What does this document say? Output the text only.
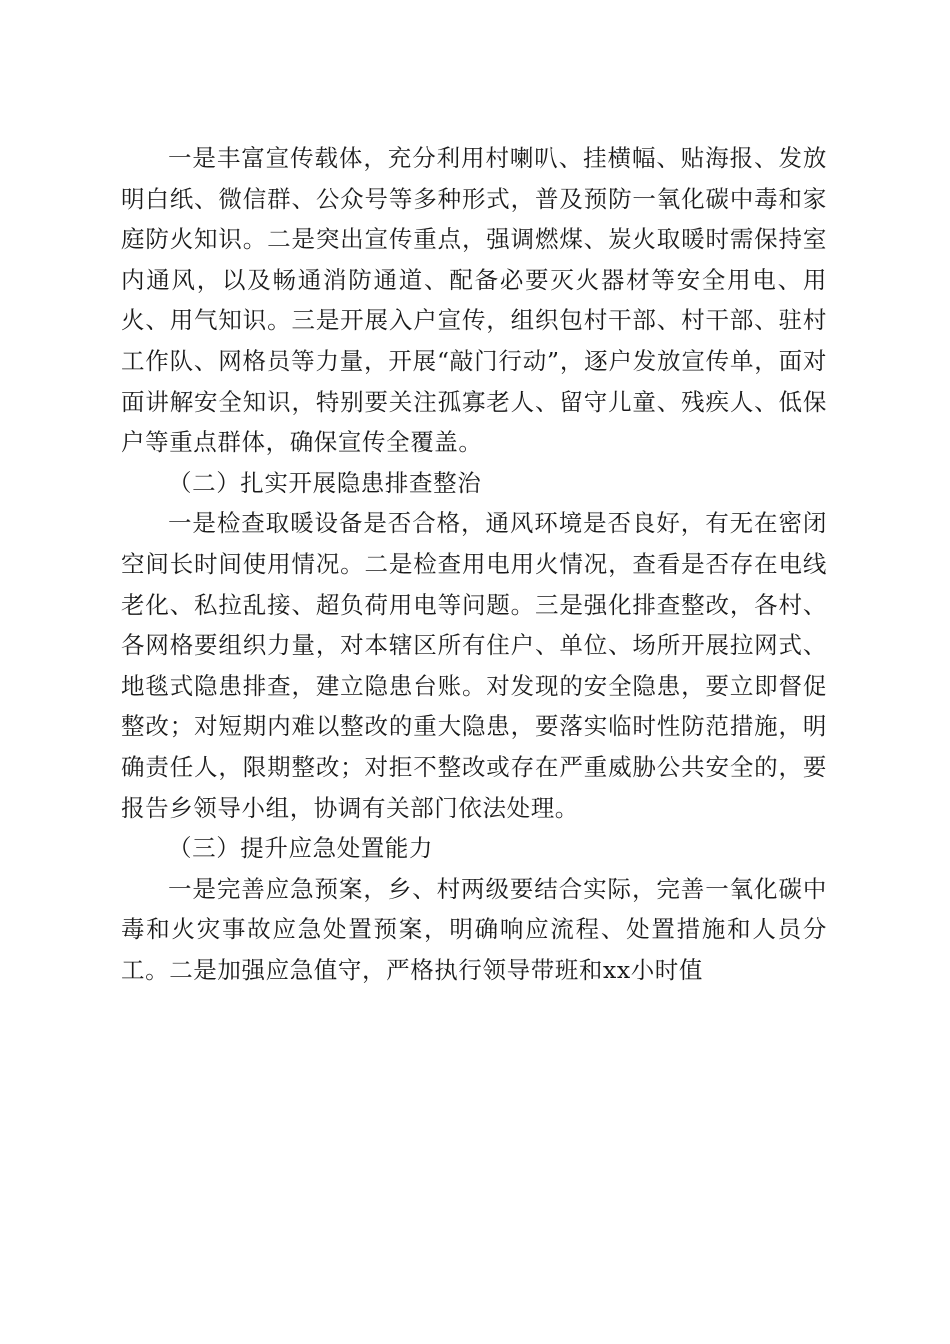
一是丰富宣传载体，充分利用村喇叭、挂横幅、贴海报、发放明白纸、微信群、公众号等多种形式，普及预防一氧化碳中毒和家庭防火知识。二是突出宣传重点，强调燃煤、炭火取暖时需保持室内通风，以及畅通消防通道、配备必要灭火器材等安全用电、用火、用气知识。三是开展入户宣传，组织包村干部、村干部、驻村工作队、网格员等力量，开展“敲门行动”，逐户发放宣传单，面对面讲解安全知识，特别要关注孤寡老人、留守儿童、残疾人、低保户等重点群体，确保宣传全覆盖。

（二）扎实开展隐患排查整治

一是检查取暖设备是否合格，通风环境是否良好，有无在密闭空间长时间使用情况。二是检查用电用火情况，查看是否存在电线老化、私拉乱接、超负荷用电等问题。三是强化排查整改，各村、各网格要组织力量，对本辖区所有住户、单位、场所开展拉网式、地毯式隐患排查，建立隐患台账。对发现的安全隐患，要立即督促整改；对短期内难以整改的重大隐患，要落实临时性防范措施，明确责任人，限期整改；对拒不整改或存在严重威胁公共安全的，要报告乡领导小组，协调有关部门依法处理。

（三）提升应急处置能力

一是完善应急预案，乡、村两级要结合实际，完善一氧化碳中毒和火灾事故应急处置预案，明确响应流程、处置措施和人员分工。二是加强应急值守，严格执行领导带班和xx小时值
